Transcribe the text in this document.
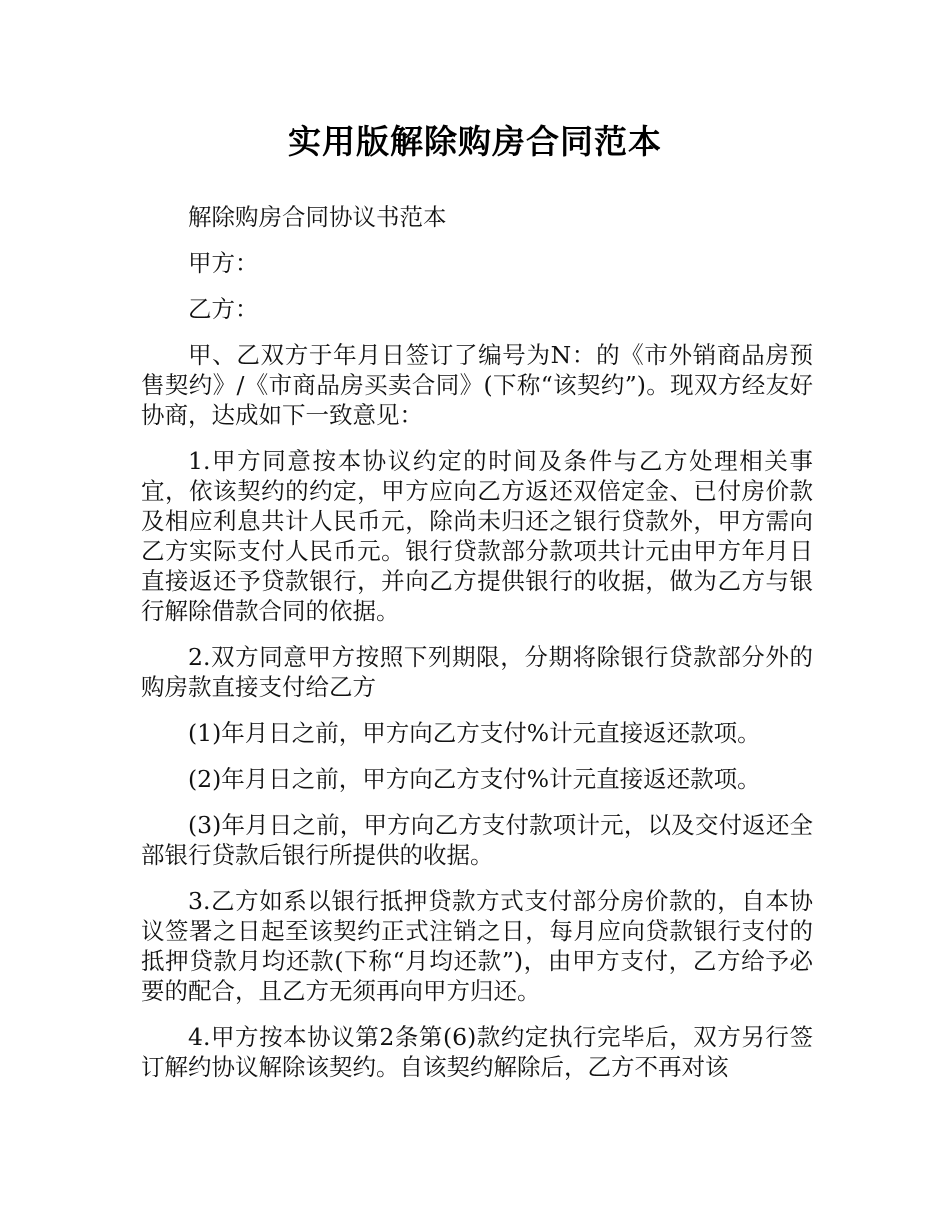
实用版解除购房合同范本

解除购房合同协议书范本

甲方：

乙方：

甲、乙双方于年月日签订了编号为N：的《市外销商品房预售契约》/《市商品房买卖合同》(下称“该契约”)。现双方经友好协商，达成如下一致意见：

1.甲方同意按本协议约定的时间及条件与乙方处理相关事宜，依该契约的约定，甲方应向乙方返还双倍定金、已付房价款及相应利息共计人民币元，除尚未归还之银行贷款外，甲方需向乙方实际支付人民币元。银行贷款部分款项共计元由甲方年月日直接返还予贷款银行，并向乙方提供银行的收据，做为乙方与银行解除借款合同的依据。

2.双方同意甲方按照下列期限，分期将除银行贷款部分外的购房款直接支付给乙方

(1)年月日之前，甲方向乙方支付%计元直接返还款项。

(2)年月日之前，甲方向乙方支付%计元直接返还款项。

(3)年月日之前，甲方向乙方支付款项计元，以及交付返还全部银行贷款后银行所提供的收据。

3.乙方如系以银行抵押贷款方式支付部分房价款的，自本协议签署之日起至该契约正式注销之日，每月应向贷款银行支付的抵押贷款月均还款(下称“月均还款”)，由甲方支付，乙方给予必要的配合，且乙方无须再向甲方归还。

4.甲方按本协议第2条第(6)款约定执行完毕后，双方另行签订解约协议解除该契约。自该契约解除后，乙方不再对该
